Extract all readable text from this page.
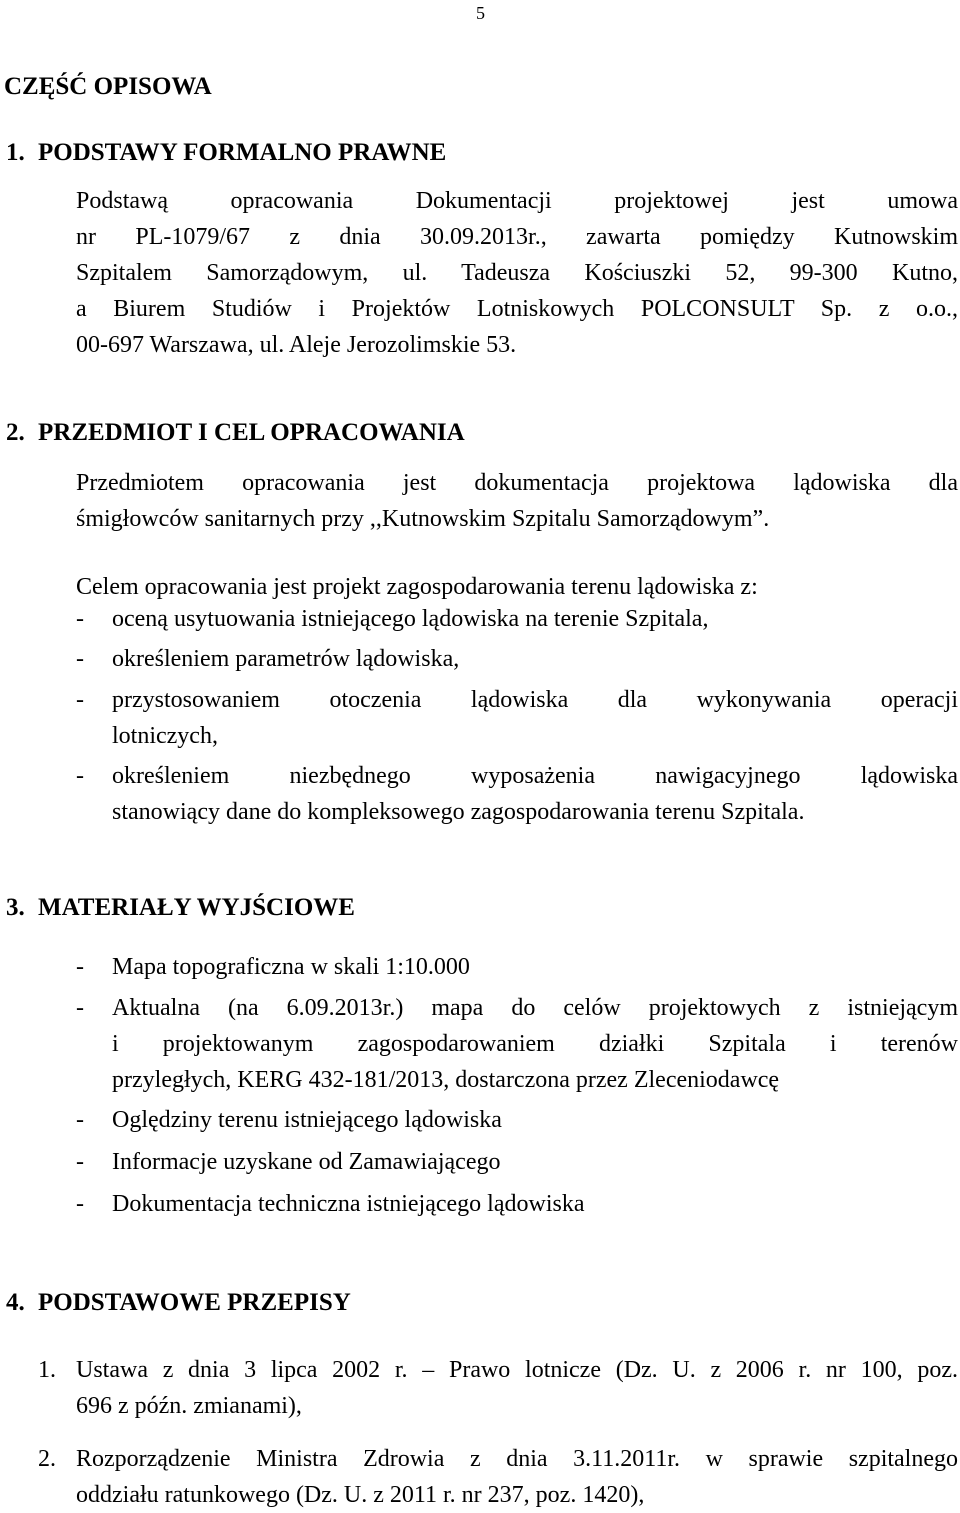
5
CZĘŚĆ OPISOWA
1. PODSTAWY FORMALNO PRAWNE
Podstawą opracowania Dokumentacji projektowej jest umowa
nr PL-1079/67 z dnia 30.09.2013r., zawarta pomiędzy Kutnowskim
Szpitalem Samorządowym, ul. Tadeusza Kościuszki 52, 99-300 Kutno,
a Biurem Studiów i Projektów Lotniskowych POLCONSULT Sp. z o.o.,
00-697 Warszawa, ul. Aleje Jerozolimskie 53.
2. PRZEDMIOT I CEL OPRACOWANIA
Przedmiotem opracowania jest dokumentacja projektowa lądowiska dla
śmigłowców sanitarnych przy ,,Kutnowskim Szpitalu Samorządowym”.
Celem opracowania jest projekt zagospodarowania terenu lądowiska z:
- oceną usytuowania istniejącego lądowiska na terenie Szpitala,
- określeniem parametrów lądowiska,
- przystosowaniem otoczenia lądowiska dla wykonywania operacji
lotniczych,
- określeniem niezbędnego wyposażenia nawigacyjnego lądowiska
stanowiący dane do kompleksowego zagospodarowania terenu Szpitala.
3. MATERIAŁY WYJŚCIOWE
- Mapa topograficzna w skali 1:10.000
- Aktualna (na 6.09.2013r.) mapa do celów projektowych z istniejącym
i projektowanym zagospodarowaniem działki Szpitala i terenów
przyległych, KERG 432-181/2013, dostarczona przez Zleceniodawcę
- Oględziny terenu istniejącego lądowiska
- Informacje uzyskane od Zamawiającego
- Dokumentacja techniczna istniejącego lądowiska
4. PODSTAWOWE PRZEPISY
1. Ustawa z dnia 3 lipca 2002 r. – Prawo lotnicze (Dz. U. z 2006 r. nr 100, poz.
696 z późn. zmianami),
2. Rozporządzenie Ministra Zdrowia z dnia 3.11.2011r. w sprawie szpitalnego
oddziału ratunkowego (Dz. U. z 2011 r. nr 237, poz. 1420),
